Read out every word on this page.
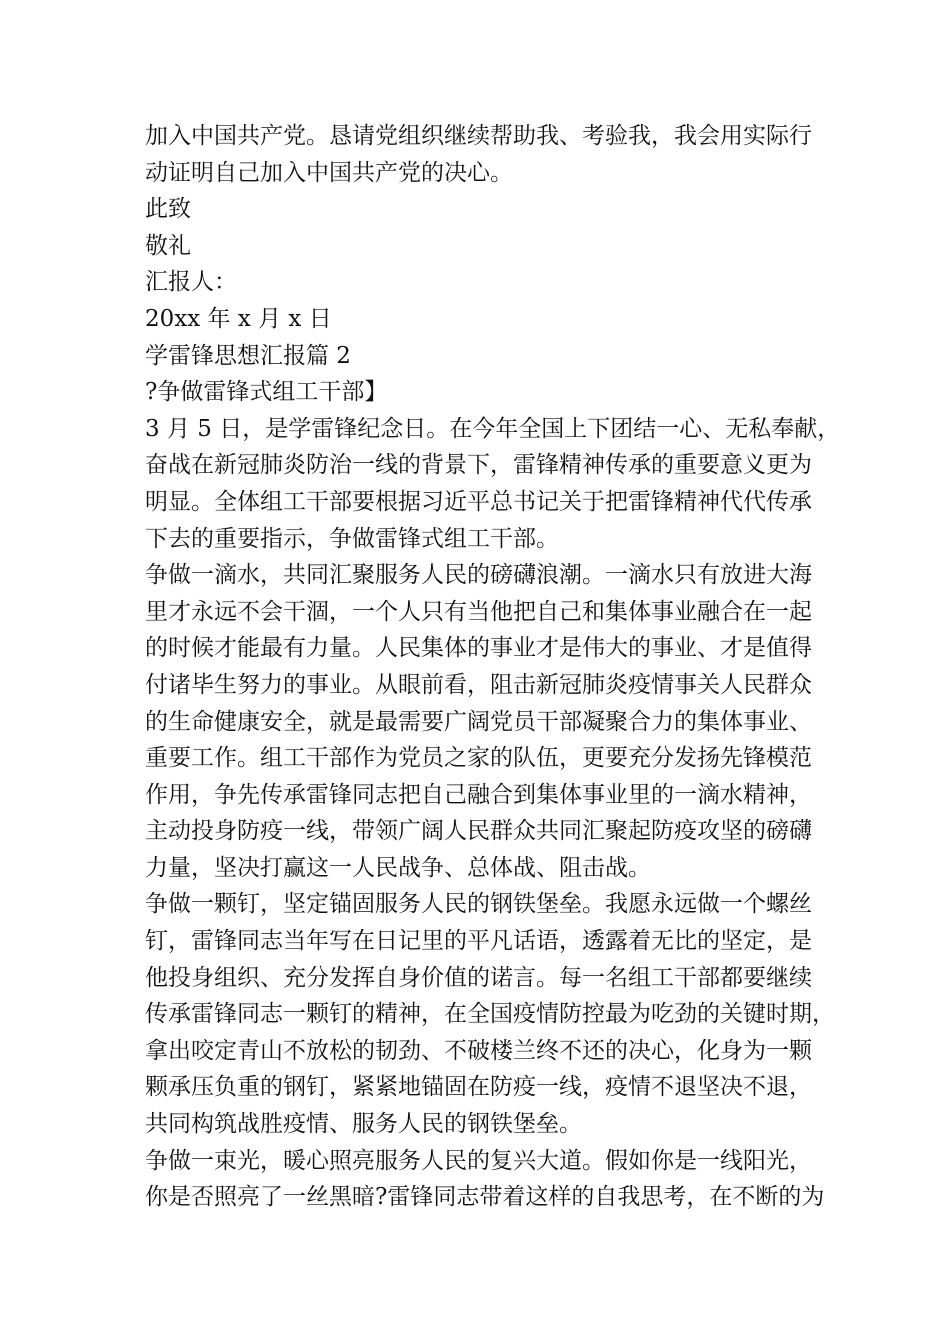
加入中国共产党。恳请党组织继续帮助我、考验我，我会用实际行
动证明自己加入中国共产党的决心。
此致
敬礼
汇报人：
20xx 年 x 月 x 日
学雷锋思想汇报篇 2
?争做雷锋式组工干部】
3 月 5 日，是学雷锋纪念日。在今年全国上下团结一心、无私奉献，
奋战在新冠肺炎防治一线的背景下，雷锋精神传承的重要意义更为
明显。全体组工干部要根据习近平总书记关于把雷锋精神代代传承
下去的重要指示，争做雷锋式组工干部。
争做一滴水，共同汇聚服务人民的磅礴浪潮。一滴水只有放进大海
里才永远不会干涸，一个人只有当他把自己和集体事业融合在一起
的时候才能最有力量。人民集体的事业才是伟大的事业、才是值得
付诸毕生努力的事业。从眼前看，阻击新冠肺炎疫情事关人民群众
的生命健康安全，就是最需要广阔党员干部凝聚合力的集体事业、
重要工作。组工干部作为党员之家的队伍，更要充分发扬先锋模范
作用，争先传承雷锋同志把自己融合到集体事业里的一滴水精神，
主动投身防疫一线，带领广阔人民群众共同汇聚起防疫攻坚的磅礴
力量，坚决打赢这一人民战争、总体战、阻击战。
争做一颗钉，坚定锚固服务人民的钢铁堡垒。我愿永远做一个螺丝
钉，雷锋同志当年写在日记里的平凡话语，透露着无比的坚定，是
他投身组织、充分发挥自身价值的诺言。每一名组工干部都要继续
传承雷锋同志一颗钉的精神，在全国疫情防控最为吃劲的关键时期，
拿出咬定青山不放松的韧劲、不破楼兰终不还的决心，化身为一颗
颗承压负重的钢钉，紧紧地锚固在防疫一线，疫情不退坚决不退，
共同构筑战胜疫情、服务人民的钢铁堡垒。
争做一束光，暖心照亮服务人民的复兴大道。假如你是一线阳光，
你是否照亮了一丝黑暗?雷锋同志带着这样的自我思考，在不断的为
